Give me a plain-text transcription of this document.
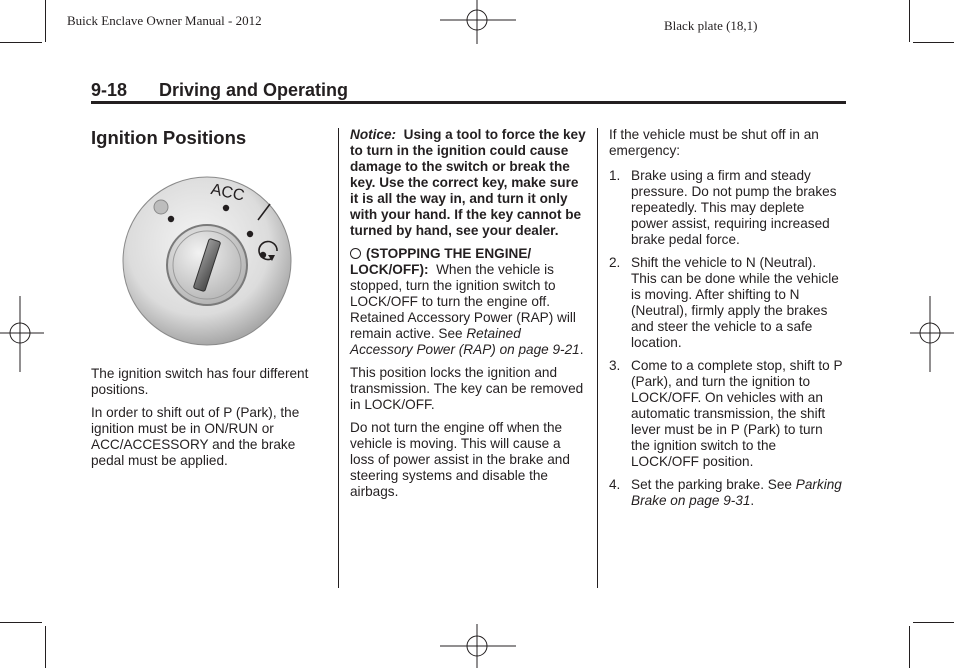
Buick Enclave Owner Manual - 2012	Black plate (18,1)
9-18 Driving and Operating
Ignition Positions
ACC

The ignition switch has four different positions.

In order to shift out of P (Park), the ignition must be in ON/RUN or ACC/ACCESSORY and the brake pedal must be applied.

Notice: Using a tool to force the key to turn in the ignition could cause damage to the switch or break the key. Use the correct key, make sure it is all the way in, and turn it only with your hand. If the key cannot be turned by hand, see your dealer.

(STOPPING THE ENGINE/ LOCK/OFF): When the vehicle is stopped, turn the ignition switch to LOCK/OFF to turn the engine off. Retained Accessory Power (RAP) will remain active. See Retained Accessory Power (RAP) on page 9-21.

This position locks the ignition and transmission. The key can be removed in LOCK/OFF.

Do not turn the engine off when the vehicle is moving. This will cause a loss of power assist in the brake and steering systems and disable the airbags.

If the vehicle must be shut off in an emergency:

1. Brake using a firm and steady pressure. Do not pump the brakes repeatedly. This may deplete power assist, requiring increased brake pedal force.
2. Shift the vehicle to N (Neutral). This can be done while the vehicle is moving. After shifting to N (Neutral), firmly apply the brakes and steer the vehicle to a safe location.
3. Come to a complete stop, shift to P (Park), and turn the ignition to LOCK/OFF. On vehicles with an automatic transmission, the shift lever must be in P (Park) to turn the ignition switch to the LOCK/OFF position.
4. Set the parking brake. See Parking Brake on page 9-31.
